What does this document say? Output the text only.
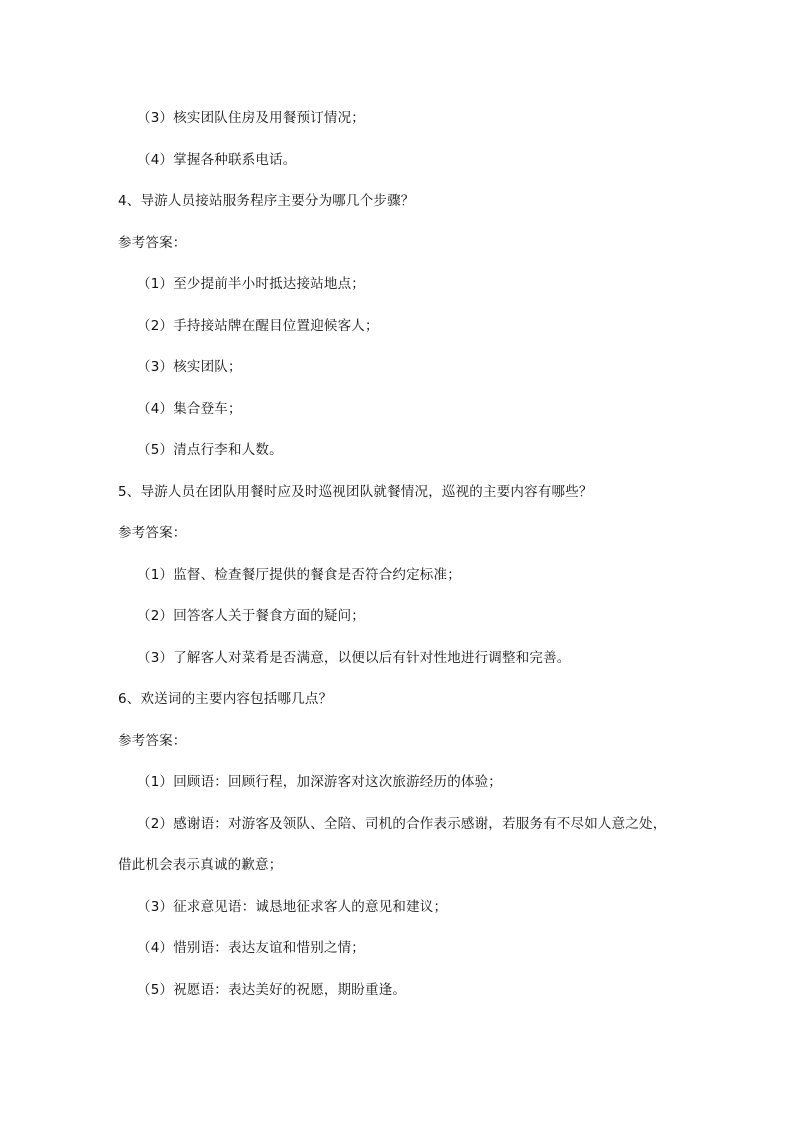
（3）核实团队住房及用餐预订情况；
（4）掌握各种联系电话。
4、导游人员接站服务程序主要分为哪几个步骤？
参考答案：
（1）至少提前半小时抵达接站地点；
（2）手持接站牌在醒目位置迎候客人；
（3）核实团队；
（4）集合登车；
（5）清点行李和人数。
5、导游人员在团队用餐时应及时巡视团队就餐情况，巡视的主要内容有哪些？
参考答案：
（1）监督、检查餐厅提供的餐食是否符合约定标准；
（2）回答客人关于餐食方面的疑问；
（3）了解客人对菜肴是否满意，以便以后有针对性地进行调整和完善。
6、欢送词的主要内容包括哪几点？
参考答案：
（1）回顾语：回顾行程，加深游客对这次旅游经历的体验；
（2）感谢语：对游客及领队、全陪、司机的合作表示感谢，若服务有不尽如人意之处，
借此机会表示真诚的歉意；
（3）征求意见语：诚恳地征求客人的意见和建议；
（4）惜别语：表达友谊和惜别之情；
（5）祝愿语：表达美好的祝愿，期盼重逢。
